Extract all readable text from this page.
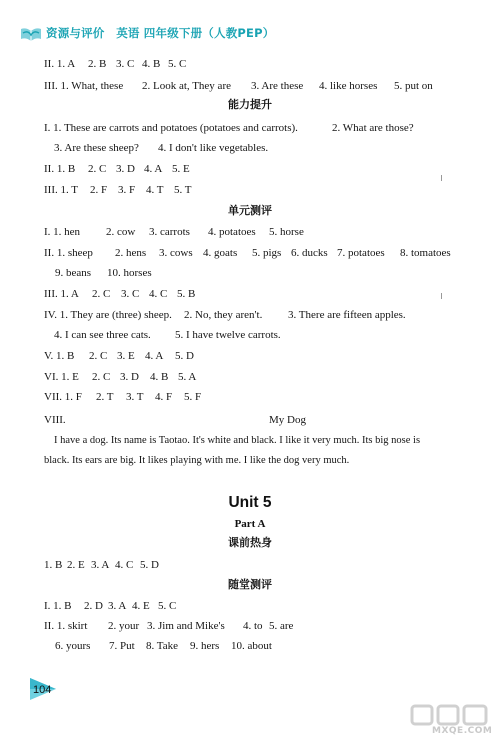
资源与评价　英语 四年级下册（人教PEP）
II. 1. A 2. B 3. C 4. B 5. C
III. 1. What, these 2. Look at, They are 3. Are these 4. like horses 5. put on
能力提升
I. 1. These are carrots and potatoes (potatoes and carrots).	2. What are those?
3. Are these sheep? 4. I don't like vegetables.
II. 1. B 2. C 3. D 4. A 5. E
III. 1. T 2. F 3. F 4. T 5. T
单元测评
I. 1. hen 2. cow 3. carrots 4. potatoes 5. horse
II. 1. sheep 2. hens 3. cows 4. goats 5. pigs 6. ducks 7. potatoes 8. tomatoes
9. beans 10. horses
III. 1. A 2. C 3. C 4. C 5. B
IV. 1. They are (three) sheep. 2. No, they aren't. 3. There are fifteen apples.
4. I can see three cats. 5. I have twelve carrots.
V. 1. B 2. C 3. E 4. A 5. D
VI. 1. E 2. C 3. D 4. B 5. A
VII. 1. F 2. T 3. T 4. F 5. F
VIII.	My Dog
I have a dog. Its name is Taotao. It's white and black. I like it very much. Its big nose is
black. Its ears are big. It likes playing with me. I like the dog very much.
Unit 5
Part A
课前热身
1. B 2. E 3. A 4. C 5. D
随堂测评
I. 1. B 2. D 3. A 4. E 5. C
II. 1. skirt 2. your 3. Jim and Mike's 4. to 5. are
6. yours 7. Put 8. Take 9. hers 10. about
104
MXQE.COM
